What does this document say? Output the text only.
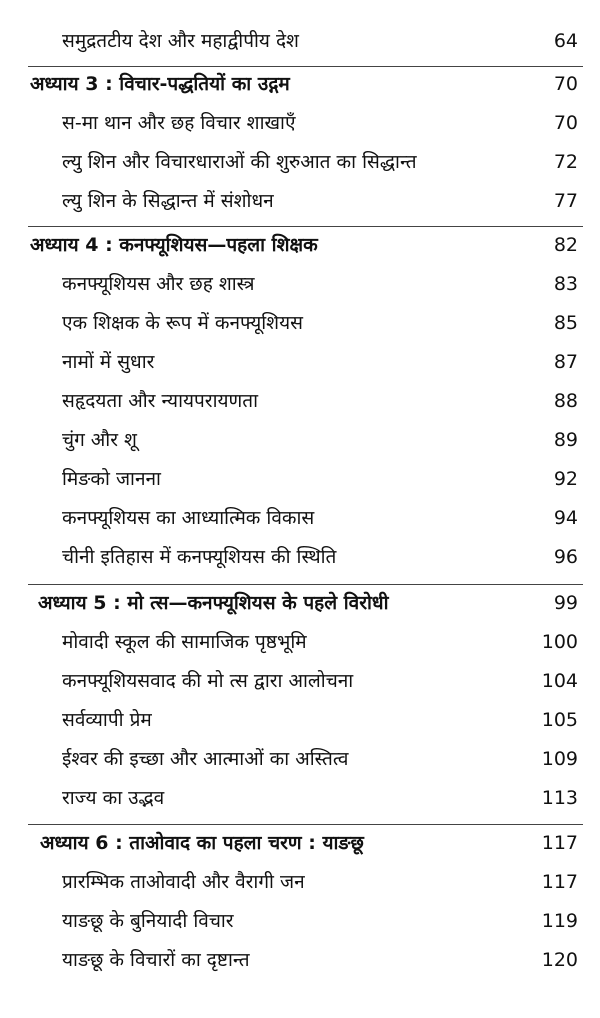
समुद्रतटीय देश और महाद्वीपीय देश	64
अध्याय 3 : विचार-पद्धतियों का उद्गम	70
स-मा थान और छह विचार शाखाएँ	70
ल्यु शिन और विचारधाराओं की शुरुआत का सिद्धान्त	72
ल्यु शिन के सिद्धान्त में संशोधन	77
अध्याय 4 : कनफ्यूशियस—पहला शिक्षक	82
कनफ्यूशियस और छह शास्त्र	83
एक शिक्षक के रूप में कनफ्यूशियस	85
नामों में सुधार	87
सहृदयता और न्यायपरायणता	88
चुंग और शू	89
मिङको जानना	92
कनफ्यूशियस का आध्यात्मिक विकास	94
चीनी इतिहास में कनफ्यूशियस की स्थिति	96
अध्याय 5 : मो त्स—कनफ्यूशियस के पहले विरोधी	99
मोवादी स्कूल की सामाजिक पृष्ठभूमि	100
कनफ्यूशियसवाद की मो त्स द्वारा आलोचना	104
सर्वव्यापी प्रेम	105
ईश्वर की इच्छा और आत्माओं का अस्तित्व	109
राज्य का उद्भव	113
अध्याय 6 : ताओवाद का पहला चरण : याङछू	117
प्रारम्भिक ताओवादी और वैरागी जन	117
याङछू के बुनियादी विचार	119
याङछू के विचारों का दृष्टान्त	120
